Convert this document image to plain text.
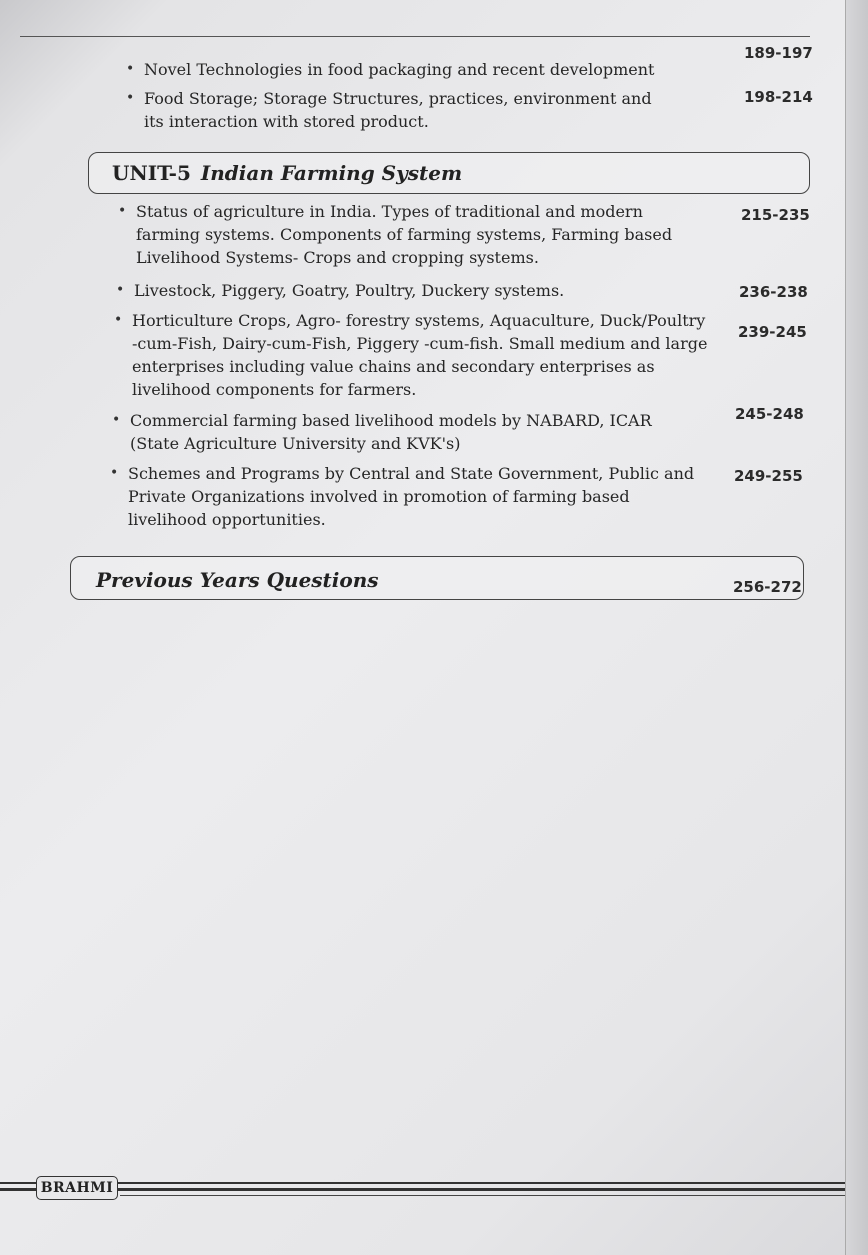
• Novel Technologies in food packaging and recent development
189-197
• Food Storage; Storage Structures, practices, environment and its interaction with stored product.
198-214
UNIT-5 Indian Farming System
• Status of agriculture in India. Types of traditional and modern farming systems. Components of farming systems, Farming based Livelihood Systems- Crops and cropping systems.
215-235
• Livestock, Piggery, Goatry, Poultry, Duckery systems.	236-238
• Horticulture Crops, Agro- forestry systems, Aquaculture, Duck/Poultry -cum-Fish, Dairy-cum-Fish, Piggery -cum-fish. Small medium and large enterprises including value chains and secondary enterprises as livelihood components for farmers.
239-245
• Commercial farming based livelihood models by NABARD, ICAR (State Agriculture University and KVK's)
245-248
• Schemes and Programs by Central and State Government, Public and Private Organizations involved in promotion of farming based livelihood opportunities.
249-255
Previous Years Questions	256-272
BRAHMI
